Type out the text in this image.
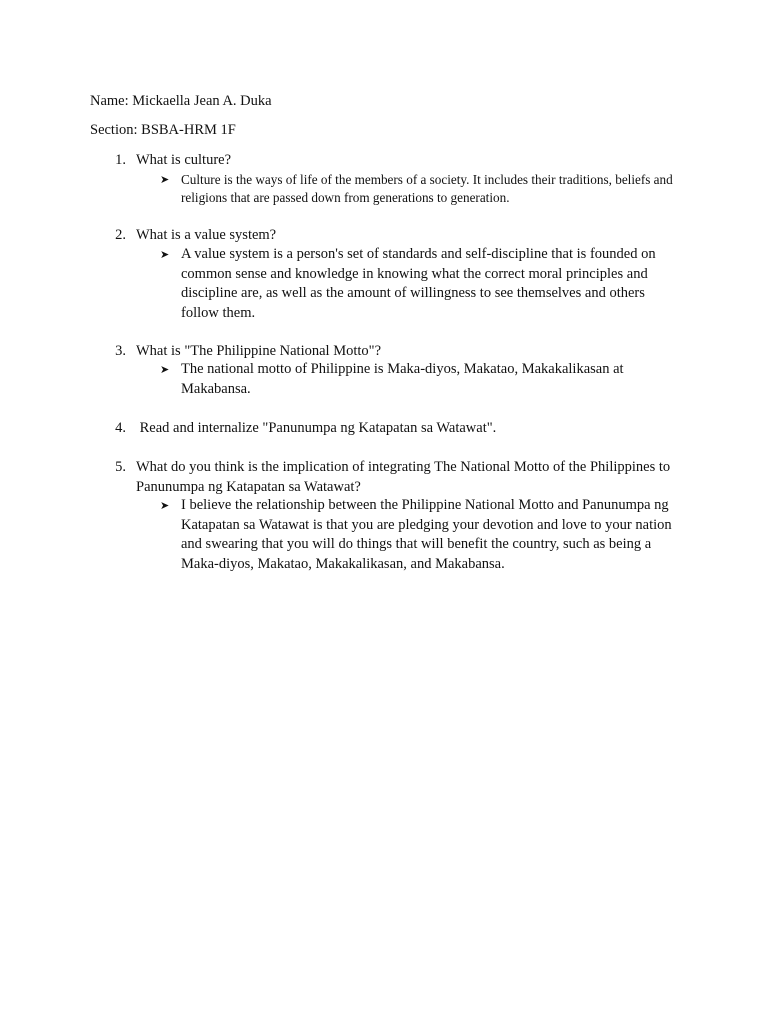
Name: Mickaella Jean A. Duka
Section: BSBA-HRM 1F
1. What is culture?
➤ Culture is the ways of life of the members of a society. It includes their traditions, beliefs and religions that are passed down from generations to generation.
2. What is a value system?
➤ A value system is a person's set of standards and self-discipline that is founded on common sense and knowledge in knowing what the correct moral principles and discipline are, as well as the amount of willingness to see themselves and others follow them.
3. What is "The Philippine National Motto"?
➤ The national motto of Philippine is Maka-diyos, Makatao, Makakalikasan at Makabansa.
4. Read and internalize "Panunumpa ng Katapatan sa Watawat".
5. What do you think is the implication of integrating The National Motto of the Philippines to Panunumpa ng Katapatan sa Watawat?
➤ I believe the relationship between the Philippine National Motto and Panunumpa ng Katapatan sa Watawat is that you are pledging your devotion and love to your nation and swearing that you will do things that will benefit the country, such as being a Maka-diyos, Makatao, Makakalikasan, and Makabansa.
